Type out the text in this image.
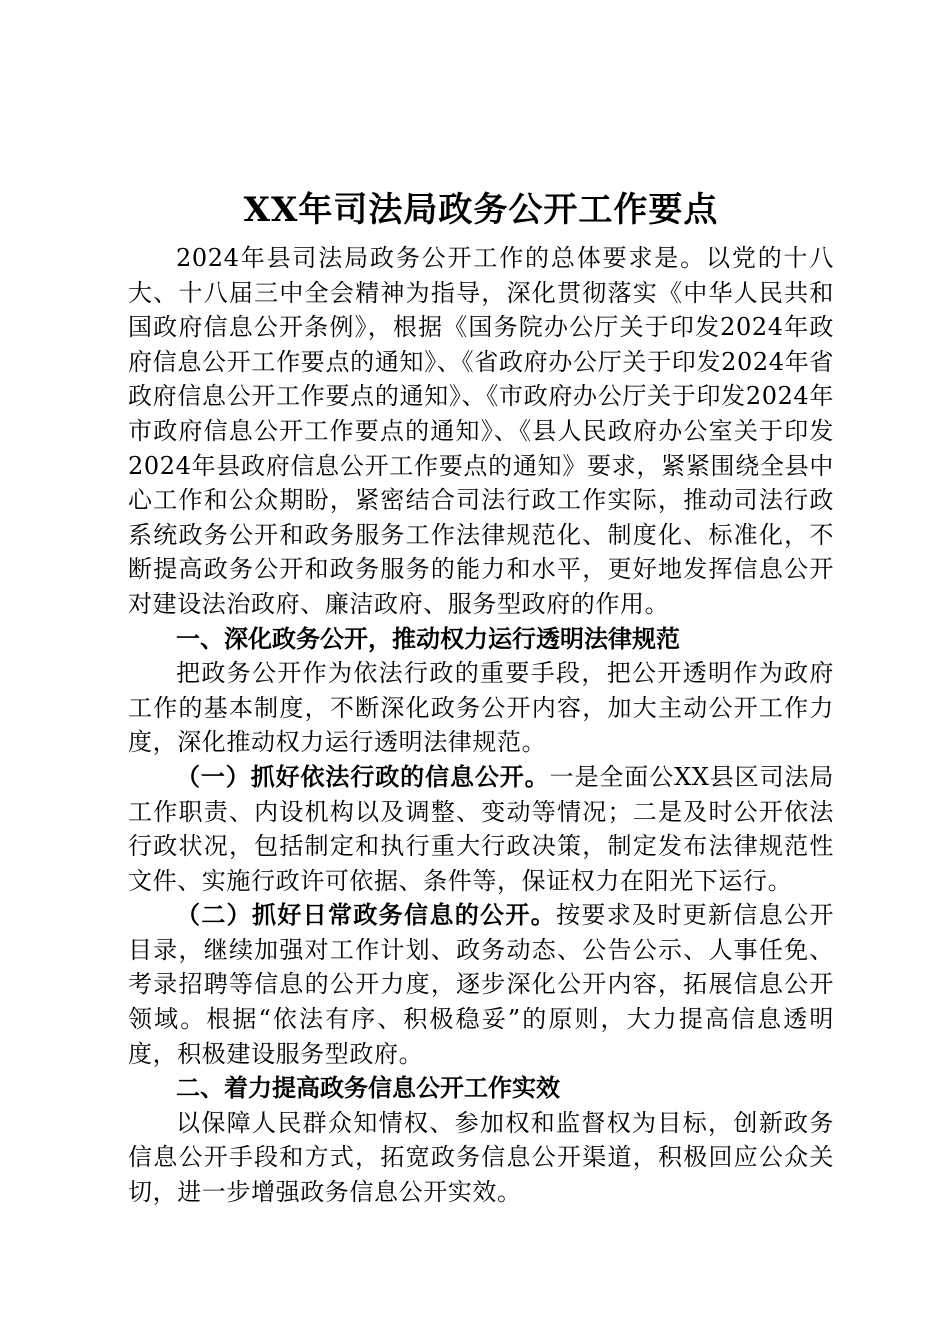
XX年司法局政务公开工作要点

2024年县司法局政务公开工作的总体要求是。以党的十八大、十八届三中全会精神为指导，深化贯彻落实《中华人民共和国政府信息公开条例》，根据《国务院办公厅关于印发2024年政府信息公开工作要点的通知》、《省政府办公厅关于印发2024年省政府信息公开工作要点的通知》、《市政府办公厅关于印发2024年市政府信息公开工作要点的通知》、《县人民政府办公室关于印发2024年县政府信息公开工作要点的通知》要求，紧紧围绕全县中心工作和公众期盼，紧密结合司法行政工作实际，推动司法行政系统政务公开和政务服务工作法律规范化、制度化、标准化，不断提高政务公开和政务服务的能力和水平，更好地发挥信息公开对建设法治政府、廉洁政府、服务型政府的作用。

一、深化政务公开，推动权力运行透明法律规范

把政务公开作为依法行政的重要手段，把公开透明作为政府工作的基本制度，不断深化政务公开内容，加大主动公开工作力度，深化推动权力运行透明法律规范。

（一）抓好依法行政的信息公开。一是全面公XX县区司法局工作职责、内设机构以及调整、变动等情况；二是及时公开依法行政状况，包括制定和执行重大行政决策，制定发布法律规范性文件、实施行政许可依据、条件等，保证权力在阳光下运行。

（二）抓好日常政务信息的公开。按要求及时更新信息公开目录，继续加强对工作计划、政务动态、公告公示、人事任免、考录招聘等信息的公开力度，逐步深化公开内容，拓展信息公开领域。根据“依法有序、积极稳妥”的原则，大力提高信息透明度，积极建设服务型政府。

二、着力提高政务信息公开工作实效

以保障人民群众知情权、参加权和监督权为目标，创新政务信息公开手段和方式，拓宽政务信息公开渠道，积极回应公众关切，进一步增强政务信息公开实效。
